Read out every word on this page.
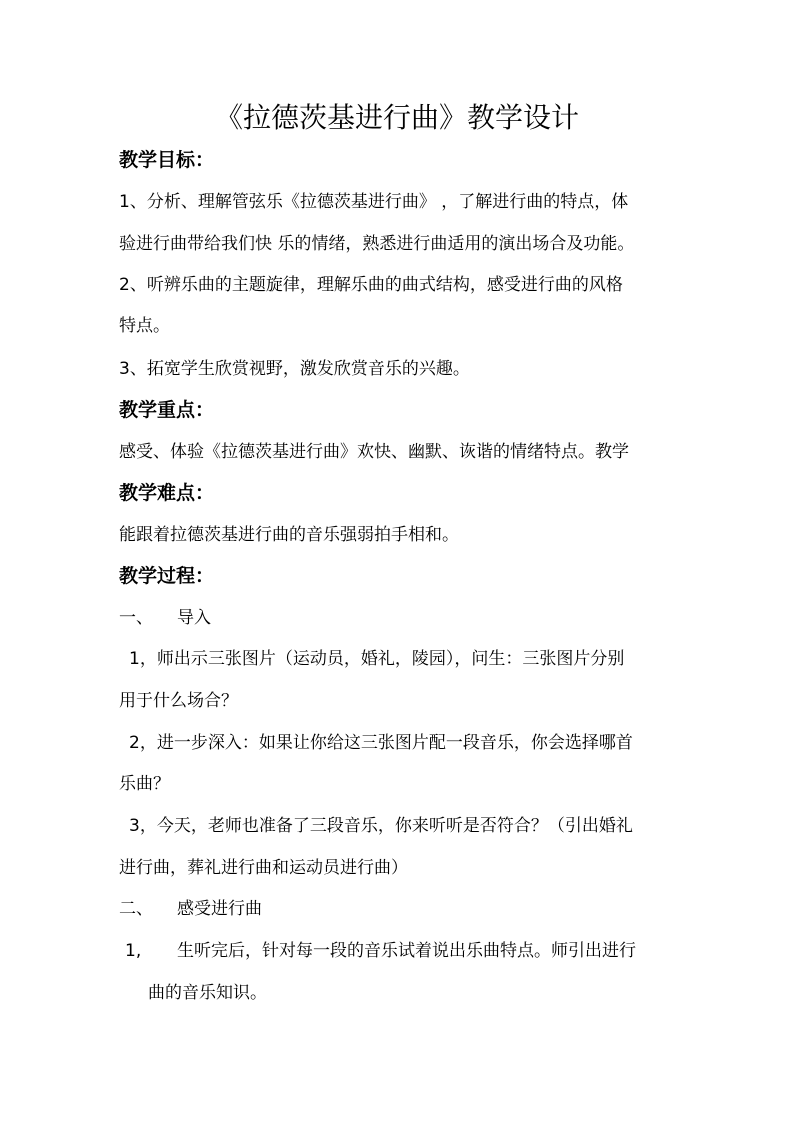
《拉德茨基进行曲》教学设计
教学目标：
1、分析、理解管弦乐《拉德茨基进行曲》 ，了解进行曲的特点，体
验进行曲带给我们快 乐的情绪，熟悉进行曲适用的演出场合及功能。
2、听辨乐曲的主题旋律，理解乐曲的曲式结构，感受进行曲的风格
特点。
3、拓宽学生欣赏视野，激发欣赏音乐的兴趣。
教学重点：
感受、体验《拉德茨基进行曲》欢快、幽默、诙谐的情绪特点。教学
教学难点：
能跟着拉德茨基进行曲的音乐强弱拍手相和。
教学过程：
一、 导入
1，师出示三张图片（运动员，婚礼，陵园），问生：三张图片分别
用于什么场合？
2，进一步深入：如果让你给这三张图片配一段音乐，你会选择哪首
乐曲？
3，今天，老师也准备了三段音乐，你来听听是否符合？（引出婚礼
进行曲，葬礼进行曲和运动员进行曲）
二、 感受进行曲
1, 生听完后，针对每一段的音乐试着说出乐曲特点。师引出进行
曲的音乐知识。
